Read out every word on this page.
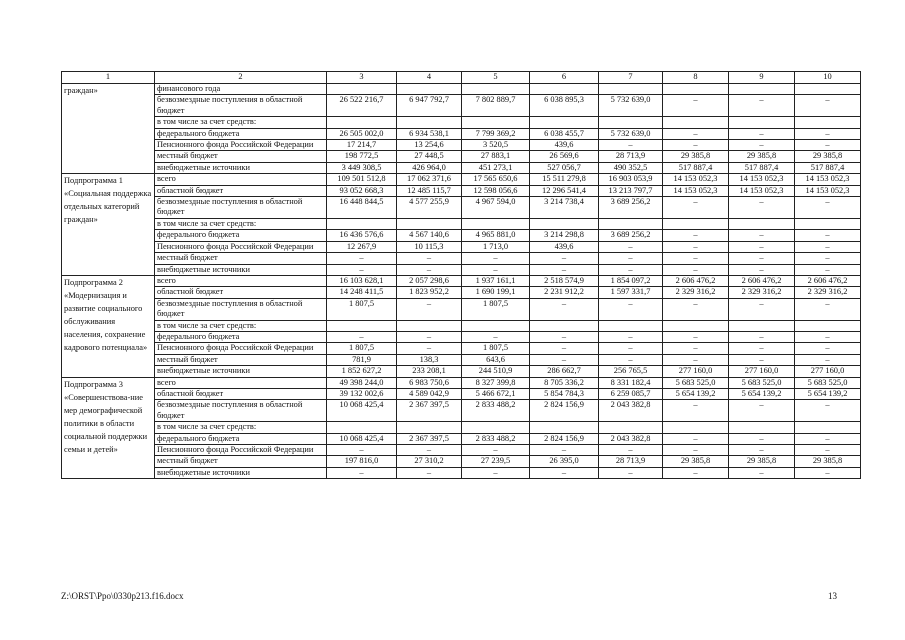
1	2	3	4	5	6	7	8	9	10
граждан»	финансового года								
	безвозмездные поступления в областной бюджет	26 522 216,7	6 947 792,7	7 802 889,7	6 038 895,3	5 732 639,0	–	–	–
	в том числе за счет средств:								
	федерального бюджета	26 505 002,0	6 934 538,1	7 799 369,2	6 038 455,7	5 732 639,0	–	–	–
	Пенсионного фонда Российской Федерации	17 214,7	13 254,6	3 520,5	439,6	–	–	–	–
	местный бюджет	198 772,5	27 448,5	27 883,1	26 569,6	28 713,9	29 385,8	29 385,8	29 385,8
	внебюджетные источники	3 449 308,5	426 964,0	451 273,1	527 056,7	490 352,5	517 887,4	517 887,4	517 887,4
Подпрограмма 1 «Социальная поддержка отдельных категорий граждан»	всего	109 501 512,8	17 062 371,6	17 565 650,6	15 511 279,8	16 903 053,9	14 153 052,3	14 153 052,3	14 153 052,3
	областной бюджет	93 052 668,3	12 485 115,7	12 598 056,6	12 296 541,4	13 213 797,7	14 153 052,3	14 153 052,3	14 153 052,3
	безвозмездные поступления в областной бюджет	16 448 844,5	4 577 255,9	4 967 594,0	3 214 738,4	3 689 256,2	–	–	–
	в том числе за счет средств:								
	федерального бюджета	16 436 576,6	4 567 140,6	4 965 881,0	3 214 298,8	3 689 256,2	–	–	–
	Пенсионного фонда Российской Федерации	12 267,9	10 115,3	1 713,0	439,6	–	–	–	–
	местный бюджет	–	–	–	–	–	–	–	–
	внебюджетные источники	–	–	–	–	–	–	–	–
Подпрограмма 2 «Модернизация и развитие социального обслуживания населения, сохранение кадрового потенциала»	всего	16 103 628,1	2 057 298,6	1 937 161,1	2 518 574,9	1 854 097,2	2 606 476,2	2 606 476,2	2 606 476,2
	областной бюджет	14 248 411,5	1 823 952,2	1 690 199,1	2 231 912,2	1 597 331,7	2 329 316,2	2 329 316,2	2 329 316,2
	безвозмездные поступления в областной бюджет	1 807,5	–	1 807,5	–	–	–	–	–
	в том числе за счет средств:								
	федерального бюджета	–	–	–	–	–	–	–	–
	Пенсионного фонда Российской Федерации	1 807,5	–	1 807,5	–	–	–	–	–
	местный бюджет	781,9	138,3	643,6	–	–	–	–	–
	внебюджетные источники	1 852 627,2	233 208,1	244 510,9	286 662,7	256 765,5	277 160,0	277 160,0	277 160,0
Подпрограмма 3 «Совершенствова-ние мер демографической политики в области социальной поддержки семьи и детей»	всего	49 398 244,0	6 983 750,6	8 327 399,8	8 705 336,2	8 331 182,4	5 683 525,0	5 683 525,0	5 683 525,0
	областной бюджет	39 132 002,6	4 589 042,9	5 466 672,1	5 854 784,3	6 259 085,7	5 654 139,2	5 654 139,2	5 654 139,2
	безвозмездные поступления в областной бюджет	10 068 425,4	2 367 397,5	2 833 488,2	2 824 156,9	2 043 382,8	–	–	–
	в том числе за счет средств:								
	федерального бюджета	10 068 425,4	2 367 397,5	2 833 488,2	2 824 156,9	2 043 382,8	–	–	–
	Пенсионного фонда Российской Федерации	–	–	–	–	–	–	–	–
	местный бюджет	197 816,0	27 310,2	27 239,5	26 395,0	28 713,9	29 385,8	29 385,8	29 385,8
	внебюджетные источники	–	–	–	–	–	–	–	–
Z:\ORST\Ppo\0330p213.f16.docx	13
